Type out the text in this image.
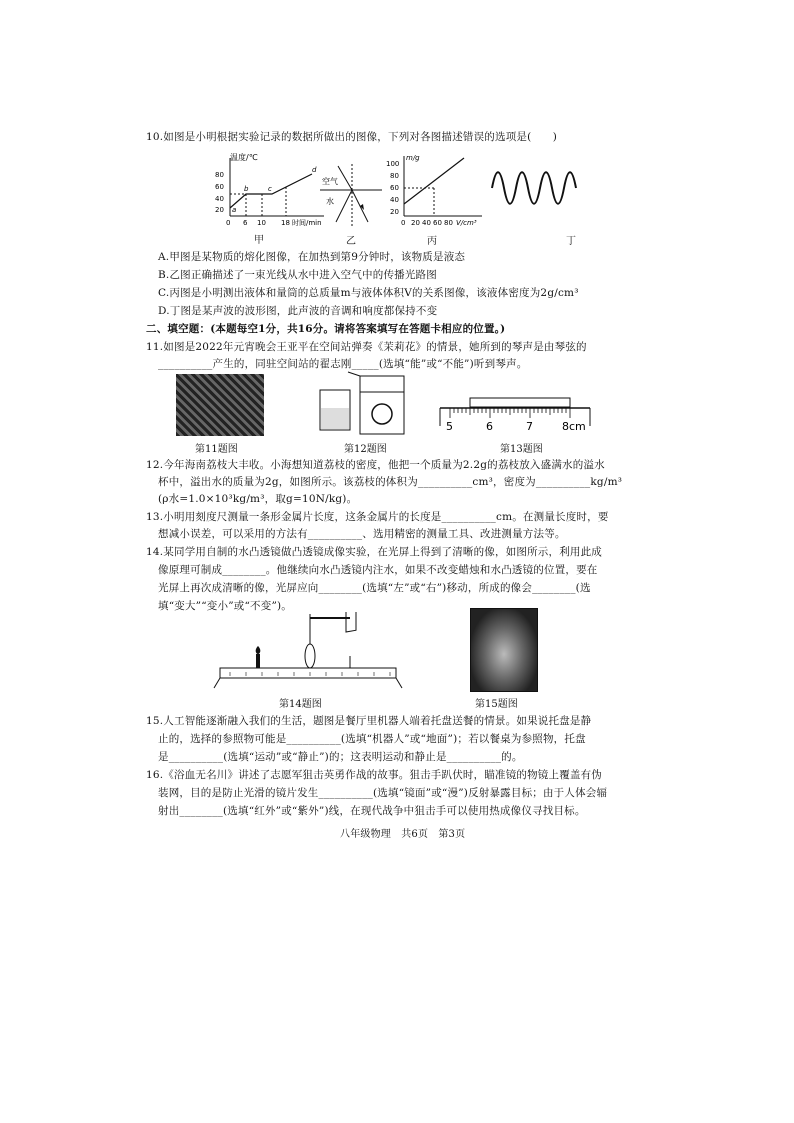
10.如图是小明根据实验记录的数据所做出的图像，下列对各图描述错误的选项是(　　)
温度/℃
80
60
40
20
0 6 10 18 时间/min
a
b	c
d
甲
空气
水
乙
m/g
100
80
60
40
20
0 20 40 60 80 V/cm³
丙	丁
A.甲图是某物质的熔化图像，在加热到第9分钟时，该物质是液态
B.乙图正确描述了一束光线从水中进入空气中的传播光路图
C.丙图是小明测出液体和量筒的总质量m与液体体积V的关系图像，该液体密度为2g/cm³
D.丁图是某声波的波形图，此声波的音调和响度都保持不变
二、填空题：(本题每空1分，共16分。请将答案填写在答题卡相应的位置。)
11.如图是2022年元宵晚会王亚平在空间站弹奏《茉莉花》的情景，她所到的琴声是由琴弦的
__________产生的，同驻空间站的翟志刚_____(选填“能”或“不能”)听到琴声。
第11题图	第12题图
5	6	7	8cm
第13题图
12.今年海南荔枝大丰收。小海想知道荔枝的密度，他把一个质量为2.2g的荔枝放入盛满水的溢水
杯中，溢出水的质量为2g，如图所示。该荔枝的体积为__________cm³，密度为__________kg/m³
(ρ水=1.0×10³kg/m³，取g=10N/kg)。
13.小明用刻度尺测量一条形金属片长度，这条金属片的长度是__________cm。在测量长度时，要
想减小误差，可以采用的方法有__________、选用精密的测量工具、改进测量方法等。
14.某同学用自制的水凸透镜做凸透镜成像实验，在光屏上得到了清晰的像，如图所示，利用此成
像原理可制成________。他继续向水凸透镜内注水，如果不改变蜡烛和水凸透镜的位置，要在
光屏上再次成清晰的像，光屏应向________(选填“左”或“右”)移动，所成的像会________(选
填“变大”“变小”或“不变”)。
第14题图	第15题图
15.人工智能逐渐融入我们的生活，题图是餐厅里机器人端着托盘送餐的情景。如果说托盘是静
止的，选择的参照物可能是__________(选填“机器人”或“地面”)；若以餐桌为参照物，托盘
是__________(选填“运动”或“静止”)的；这表明运动和静止是__________的。
16.《浴血无名川》讲述了志愿军狙击英勇作战的故事。狙击手趴伏时，瞄准镜的物镜上覆盖有伪
装网，目的是防止光滑的镜片发生__________(选填“镜面”或“漫”)反射暴露目标；由于人体会辐
射出________(选填“红外”或“紫外”)线，在现代战争中狙击手可以使用热成像仪寻找目标。
八年级物理　共6页　第3页
